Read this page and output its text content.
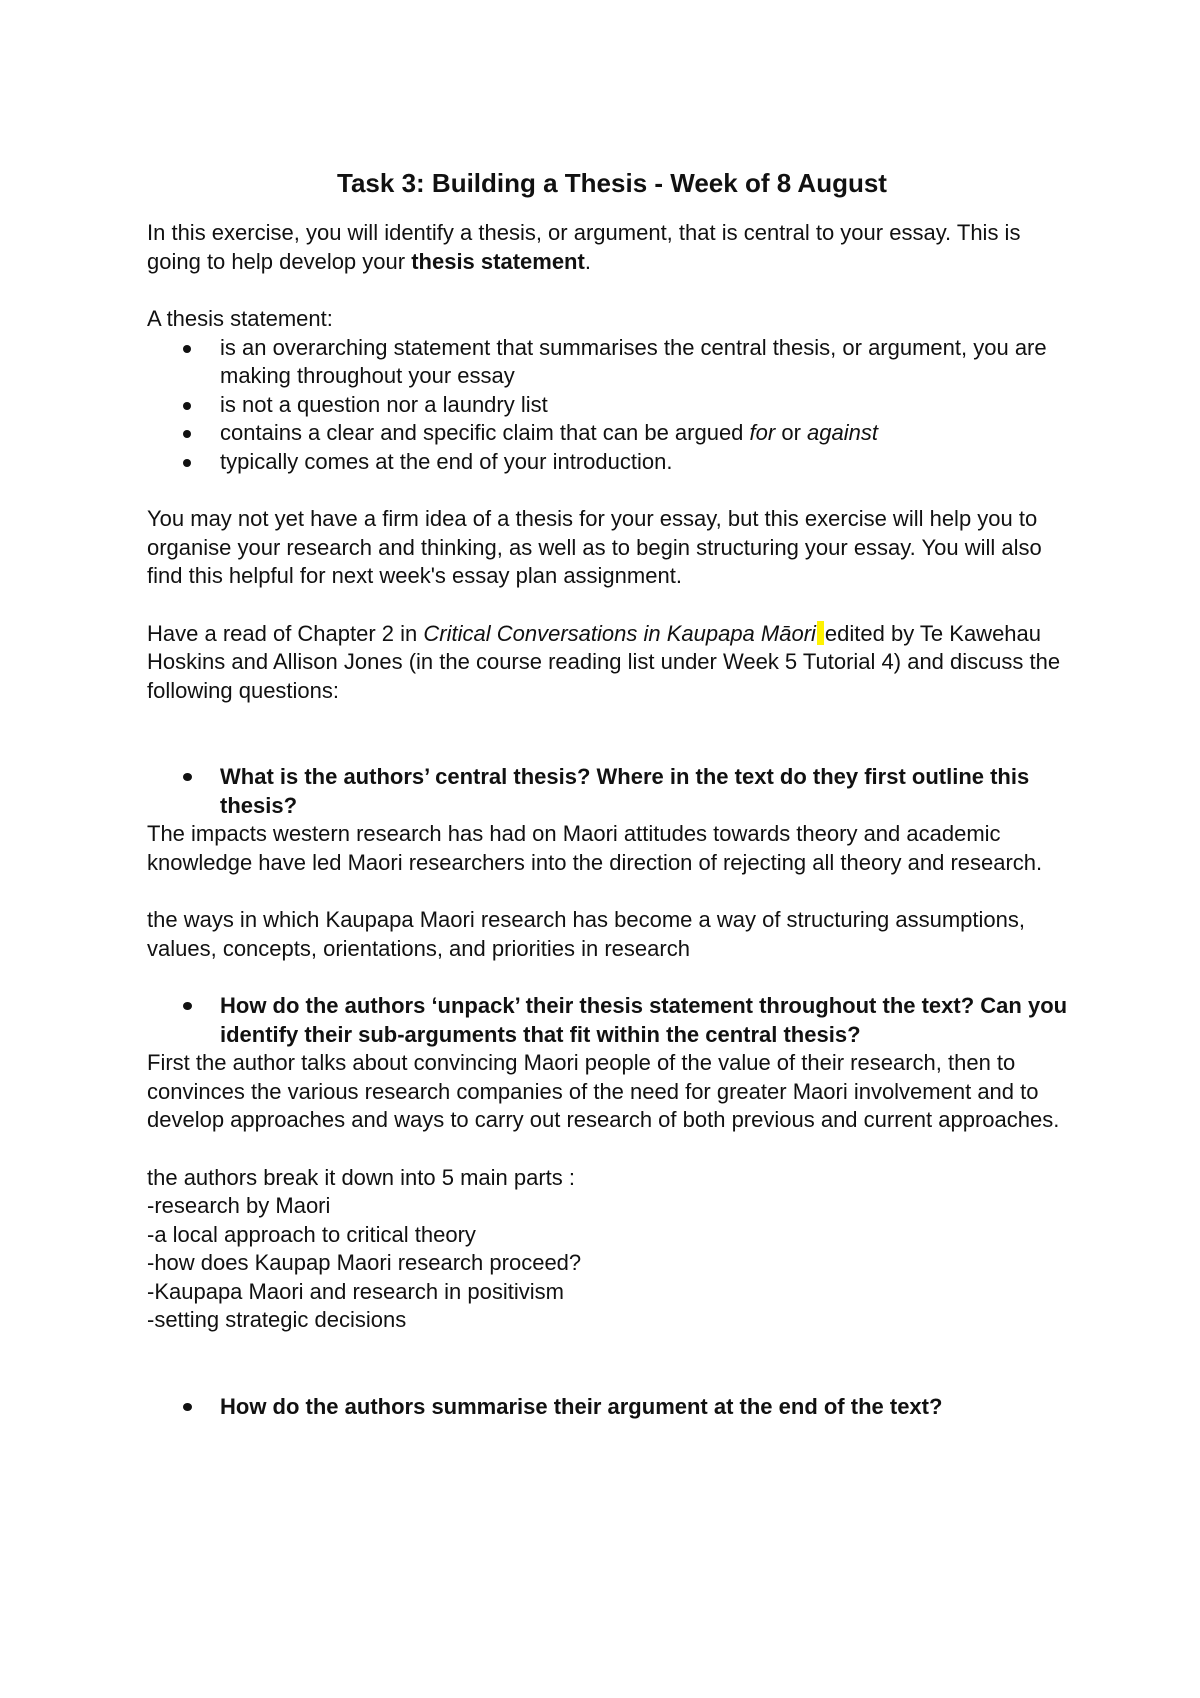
Task 3: Building a Thesis - Week of 8 August

In this exercise, you will identify a thesis, or argument, that is central to your essay. This is going to help develop your thesis statement.

A thesis statement:

is an overarching statement that summarises the central thesis, or argument, you are making throughout your essay
is not a question nor a laundry list
contains a clear and specific claim that can be argued for or against
typically comes at the end of your introduction.

You may not yet have a firm idea of a thesis for your essay, but this exercise will help you to organise your research and thinking, as well as to begin structuring your essay. You will also find this helpful for next week's essay plan assignment.

Have a read of Chapter 2 in Critical Conversations in Kaupapa Māori edited by Te Kawehau Hoskins and Allison Jones (in the course reading list under Week 5 Tutorial 4) and discuss the following questions:

What is the authors’ central thesis? Where in the text do they first outline this thesis?

The impacts western research has had on Maori attitudes towards theory and academic knowledge have led Maori researchers into the direction of rejecting all theory and research.

the ways in which Kaupapa Maori research has become a way of structuring assumptions, values, concepts, orientations, and priorities in research

How do the authors ‘unpack’ their thesis statement throughout the text? Can you identify their sub-arguments that fit within the central thesis?

First the author talks about convincing Maori people of the value of their research, then to convinces the various research companies of the need for greater Maori involvement and to develop approaches and ways to carry out research of both previous and current approaches.

the authors break it down into 5 main parts :

-research by Maori

-a local approach to critical theory

-how does Kaupap Maori research proceed?

-Kaupapa Maori and research in positivism

-setting strategic decisions

How do the authors summarise their argument at the end of the text?
